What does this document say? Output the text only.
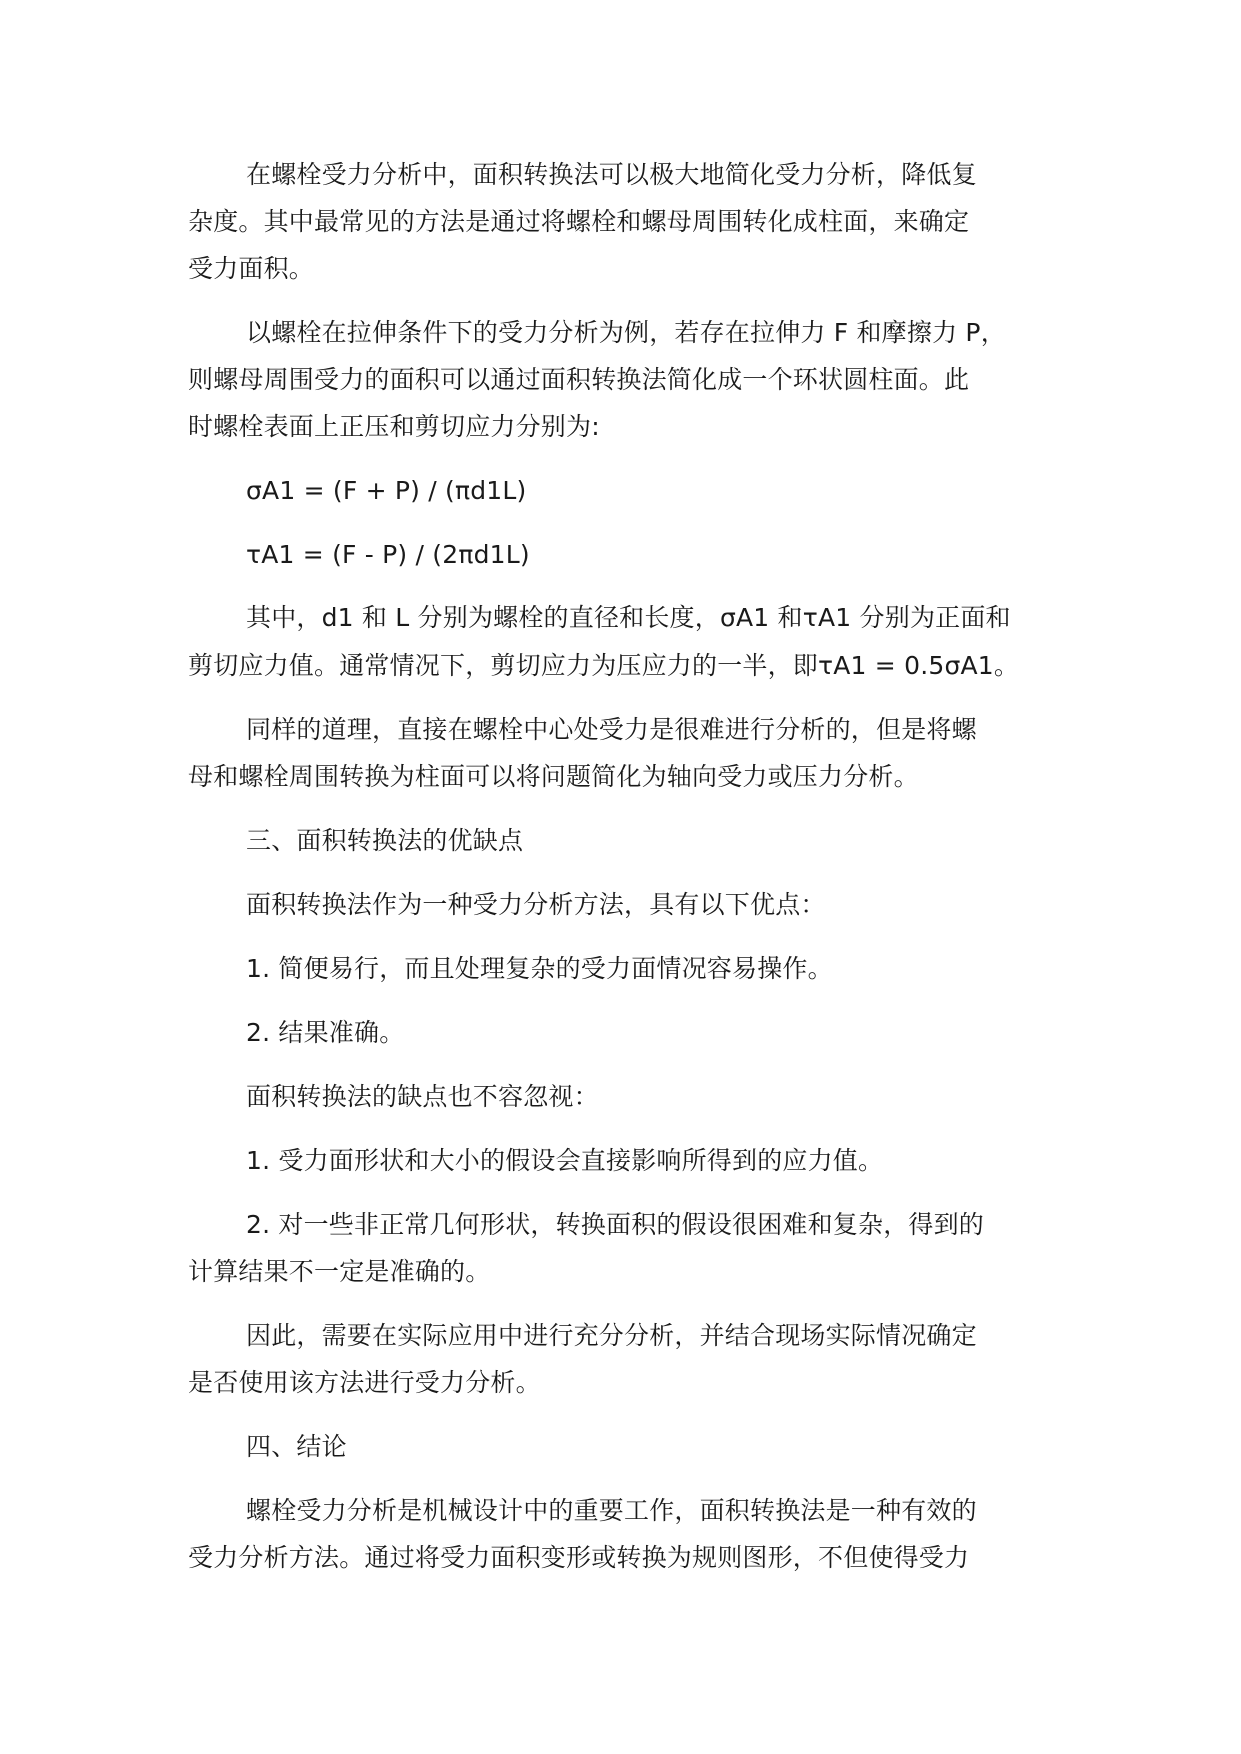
在螺栓受力分析中，面积转换法可以极大地简化受力分析，降低复
杂度。其中最常见的方法是通过将螺栓和螺母周围转化成柱面，来确定
受力面积。
以螺栓在拉伸条件下的受力分析为例，若存在拉伸力 F 和摩擦力 P，
则螺母周围受力的面积可以通过面积转换法简化成一个环状圆柱面。此
时螺栓表面上正压和剪切应力分别为:
σA1 = (F + P) / (πd1L)
τA1 = (F - P) / (2πd1L)
其中，d1 和 L 分别为螺栓的直径和长度，σA1 和τA1 分别为正面和
剪切应力值。通常情况下，剪切应力为压应力的一半，即τA1 = 0.5σA1。
同样的道理，直接在螺栓中心处受力是很难进行分析的，但是将螺
母和螺栓周围转换为柱面可以将问题简化为轴向受力或压力分析。
三、面积转换法的优缺点
面积转换法作为一种受力分析方法，具有以下优点：
1. 简便易行，而且处理复杂的受力面情况容易操作。
2. 结果准确。
面积转换法的缺点也不容忽视：
1. 受力面形状和大小的假设会直接影响所得到的应力值。
2. 对一些非正常几何形状，转换面积的假设很困难和复杂，得到的
计算结果不一定是准确的。
因此，需要在实际应用中进行充分分析，并结合现场实际情况确定
是否使用该方法进行受力分析。
四、结论
螺栓受力分析是机械设计中的重要工作，面积转换法是一种有效的
受力分析方法。通过将受力面积变形或转换为规则图形，不但使得受力
